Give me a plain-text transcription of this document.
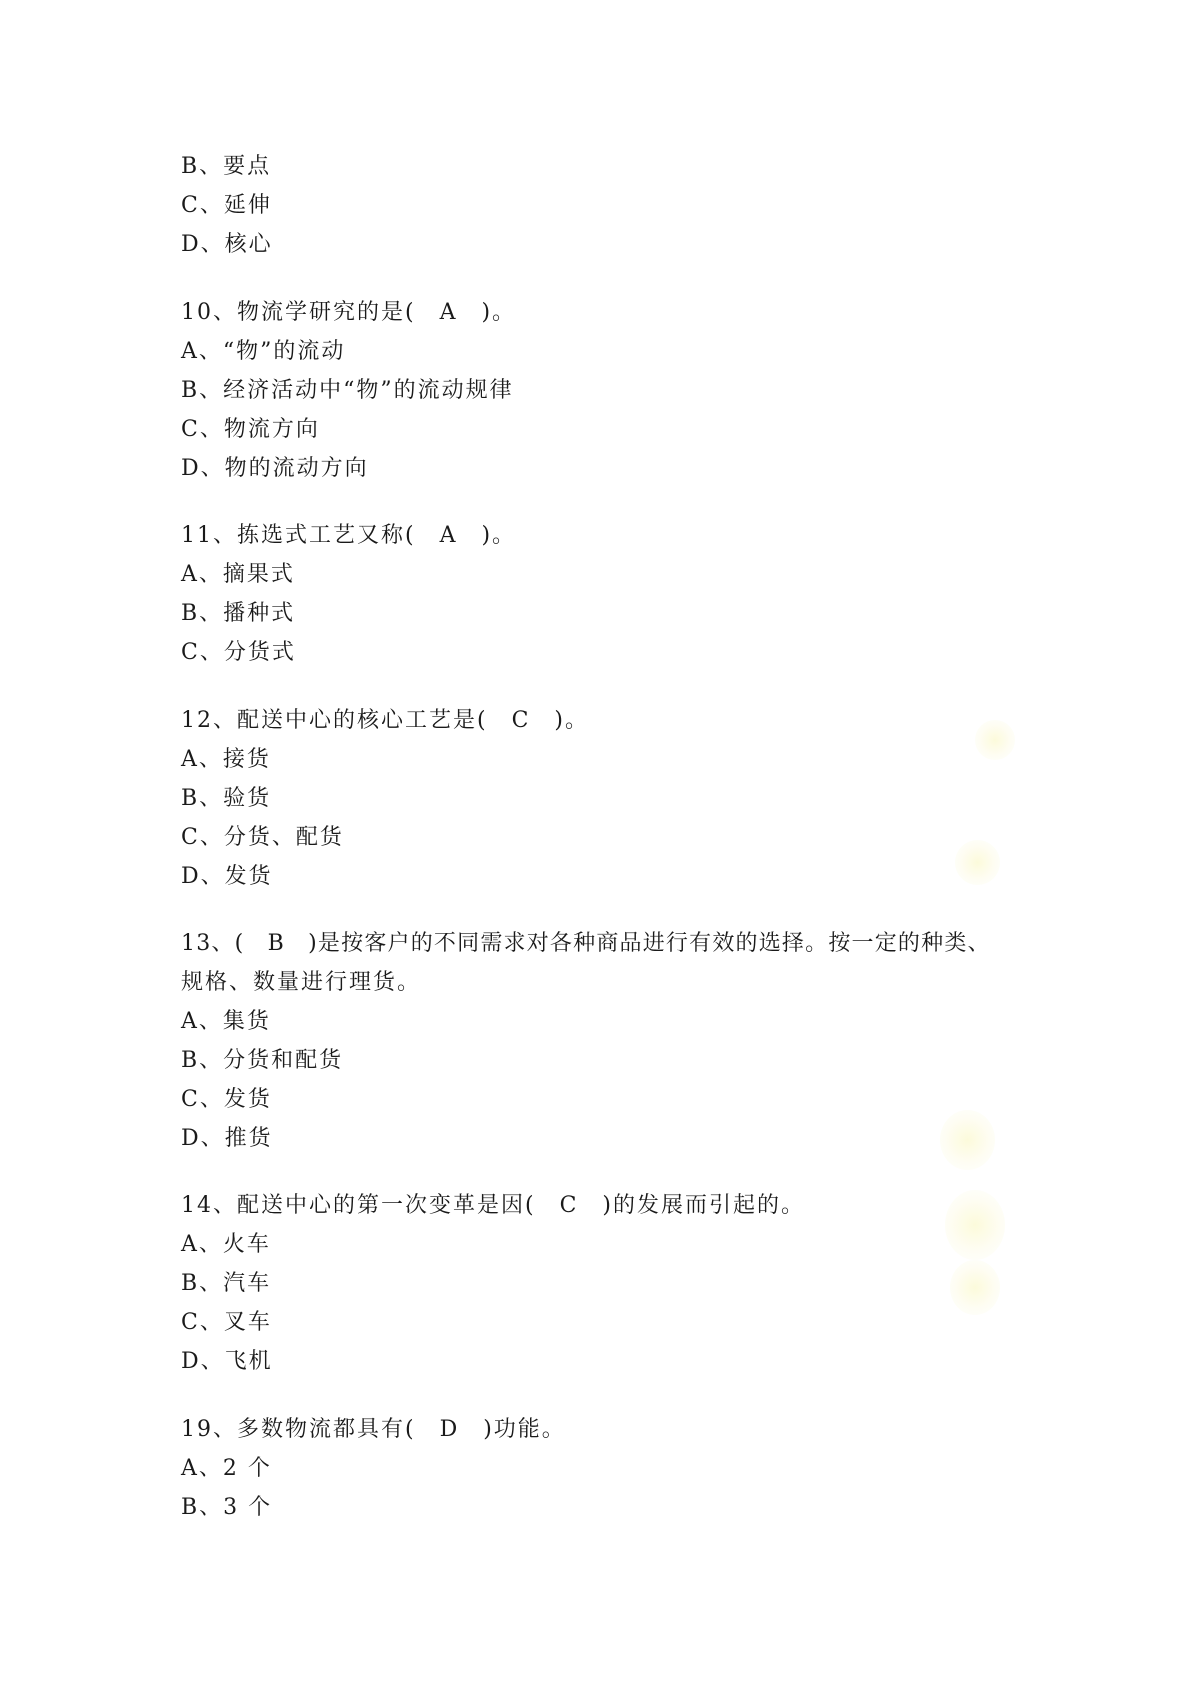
B、要点
C、延伸
D、核心
10、物流学研究的是(　A　)。
A、“物”的流动
B、经济活动中“物”的流动规律
C、物流方向
D、物的流动方向
11、拣选式工艺又称(　A　)。
A、摘果式
B、播种式
C、分货式
12、配送中心的核心工艺是(　C　)。
A、接货
B、验货
C、分货、配货
D、发货
13、(　B　)是按客户的不同需求对各种商品进行有效的选择。按一定的种类、
规格、数量进行理货。
A、集货
B、分货和配货
C、发货
D、推货
14、配送中心的第一次变革是因(　C　)的发展而引起的。
A、火车
B、汽车
C、叉车
D、飞机
19、多数物流都具有(　D　)功能。
A、2 个
B、3 个
